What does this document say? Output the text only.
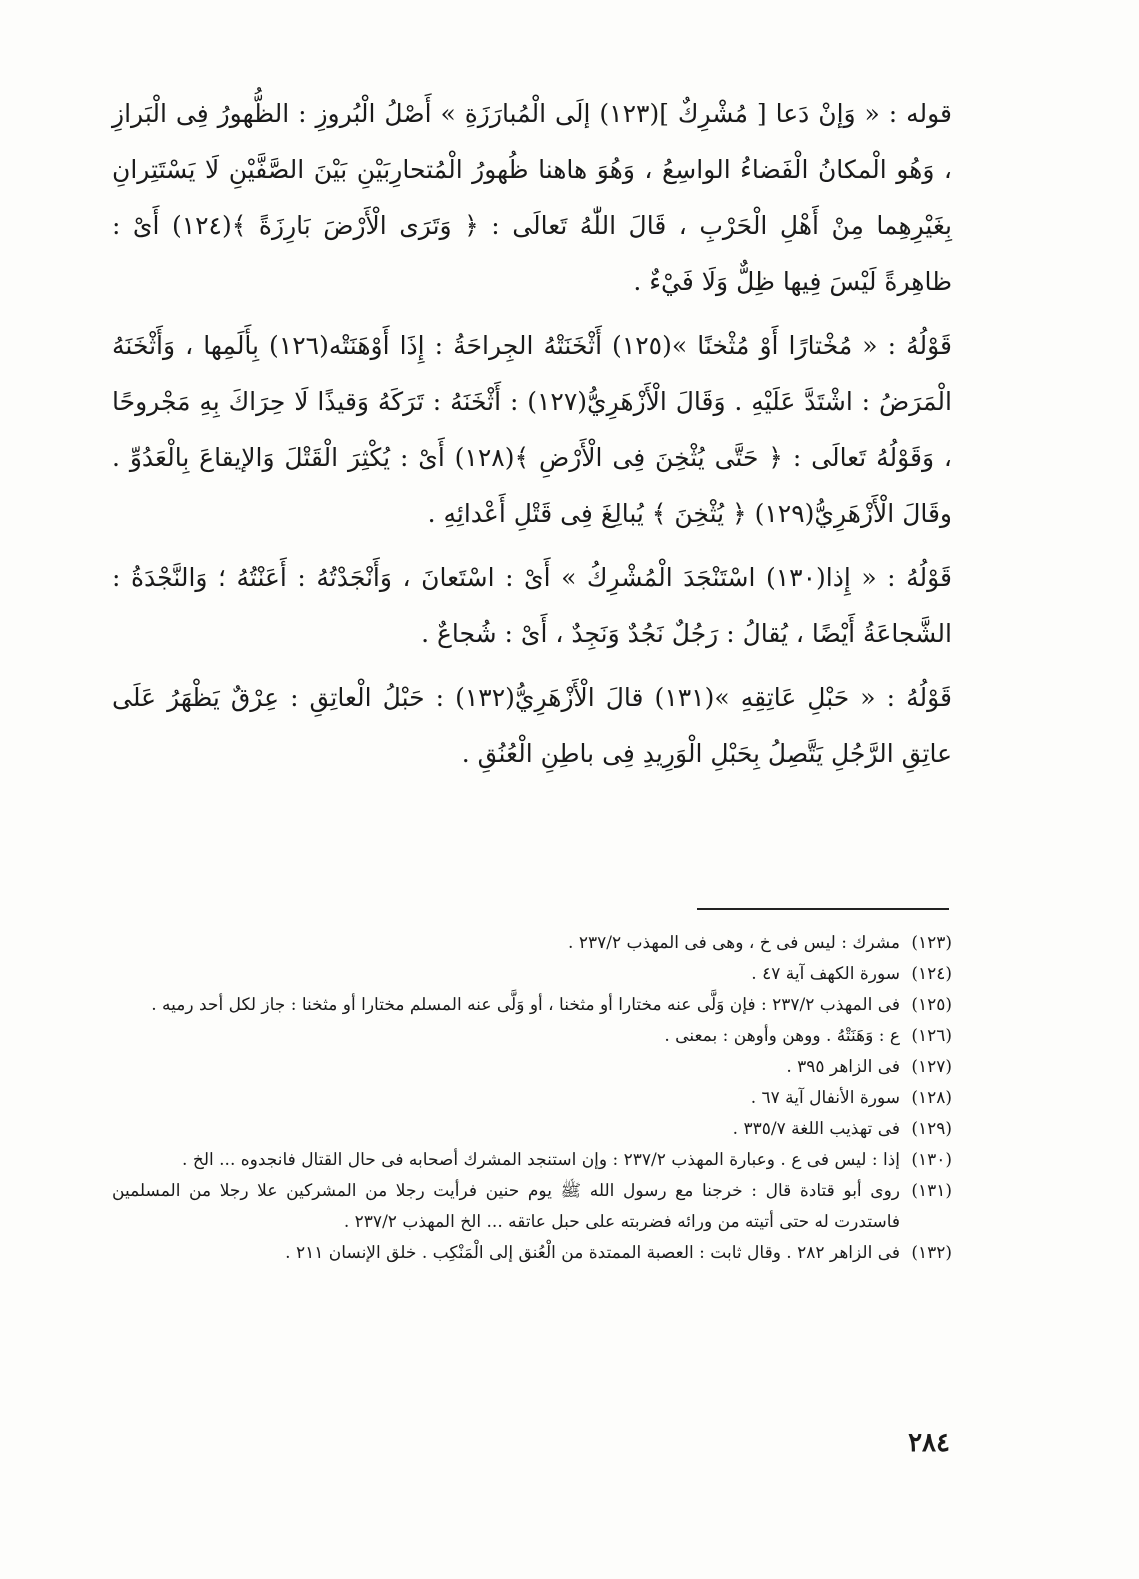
قوله : « وَإنْ دَعا [ مُشْرِكٌ ](١٢٣) إلَى الْمُبارَزَةِ » أَصْلُ الْبُروزِ : الظُّهورُ فِى الْبَرازِ ، وَهُو الْمكانُ الْفَضاءُ الواسِعُ ، وَهُوَ هاهنا ظُهورُ الْمُتحارِبَيْنِ بَيْنَ الصَّفَّيْنِ لَا يَسْتَتِرانِ بِغَيْرِهِما مِنْ أَهْلِ الْحَرْبِ ، قَالَ اللّٰهُ تَعالَى : ﴿ وَتَرَى الْأَرْضَ بَارِزَةً ﴾(١٢٤) أَىْ : ظاهِرةً لَيْسَ فِيها ظِلٌّ وَلَا فَيْءٌ .

قَوْلُهُ : « مُخْتارًا أَوْ مُثْخنًا »(١٢٥) أَثْخَنَتْهُ الجِراحَةُ : إِذَا أَوْهَنَتْه(١٢٦) بِأَلَمِها ، وَأَثْخَنَهُ الْمَرَضُ : اشْتَدَّ عَلَيْهِ . وَقَالَ الْأَزْهَرِيُّ(١٢٧) : أَثْخَنَهُ : تَرَكَهُ وَقيذًا لَا حِرَاكَ بِهِ مَجْروحًا ، وَقَوْلُهُ تَعالَى : ﴿ حَتَّى يُثْخِنَ فِى الْأَرْضِ ﴾(١٢٨) أَىْ : يُكْثِرَ الْقَتْلَ وَالإيقاعَ بِالْعَدُوِّ . وقَالَ الْأَزْهَرِيُّ(١٢٩) ﴿ يُثْخِنَ ﴾ يُبالِغَ فِى قَتْلِ أَعْدائِهِ .

قَوْلُهُ : « إِذا(١٣٠) اسْتَنْجَدَ الْمُشْرِكُ » أَىْ : اسْتَعانَ ، وَأَنْجَدْتُهُ : أَعَنْتُهُ ؛ وَالنَّجْدَةُ : الشَّجاعَةُ أَيْضًا ، يُقالُ : رَجُلٌ نَجُدٌ وَنَجِدٌ ، أَىْ : شُجاعٌ .

قَوْلُهُ : « حَبْلِ عَاتِقِهِ »(١٣١) قالَ الْأَزْهَرِيُّ(١٣٢) : حَبْلُ الْعاتِقِ : عِرْقٌ يَظْهَرُ عَلَى عاتِقِ الرَّجُلِ يَتَّصِلُ بِحَبْلِ الْوَرِيدِ فِى باطِنِ الْعُنُقِ .

(١٢٣)
مشرك : ليس فى خ ، وهى فى المهذب ٢٣٧/٢ .
(١٢٤)
سورة الكهف آية ٤٧ .
(١٢٥)
فى المهذب ٢٣٧/٢ : فإن وَلَّى عنه مختارا أو مثخنا ، أو وَلَّى عنه المسلم مختارا أو مثخنا : جاز لكل أحد رميه .
(١٢٦)
ع : وَهَنَتْهُ . ووهن وأوهن : بمعنى .
(١٢٧)
فى الزاهر ٣٩٥ .
(١٢٨)
سورة الأنفال آية ٦٧ .
(١٢٩)
فى تهذيب اللغة ٣٣٥/٧ .
(١٣٠)
إذا : ليس فى ع . وعبارة المهذب ٢٣٧/٢ : وإن استنجد المشرك أصحابه فى حال القتال فانجدوه ... الخ .
(١٣١)
روى أبو قتادة قال : خرجنا مع رسول الله ﷺ يوم حنين فرأيت رجلا من المشركين علا رجلا من المسلمين فاستدرت له حتى أتيته من ورائه فضربته على حبل عاتقه ... الخ المهذب ٢٣٧/٢ .
(١٣٢)
فى الزاهر ٢٨٢ . وقال ثابت : العصبة الممتدة من الْعُنق إلى الْمَنْكِب . خلق الإنسان ٢١١ .
٢٨٤
